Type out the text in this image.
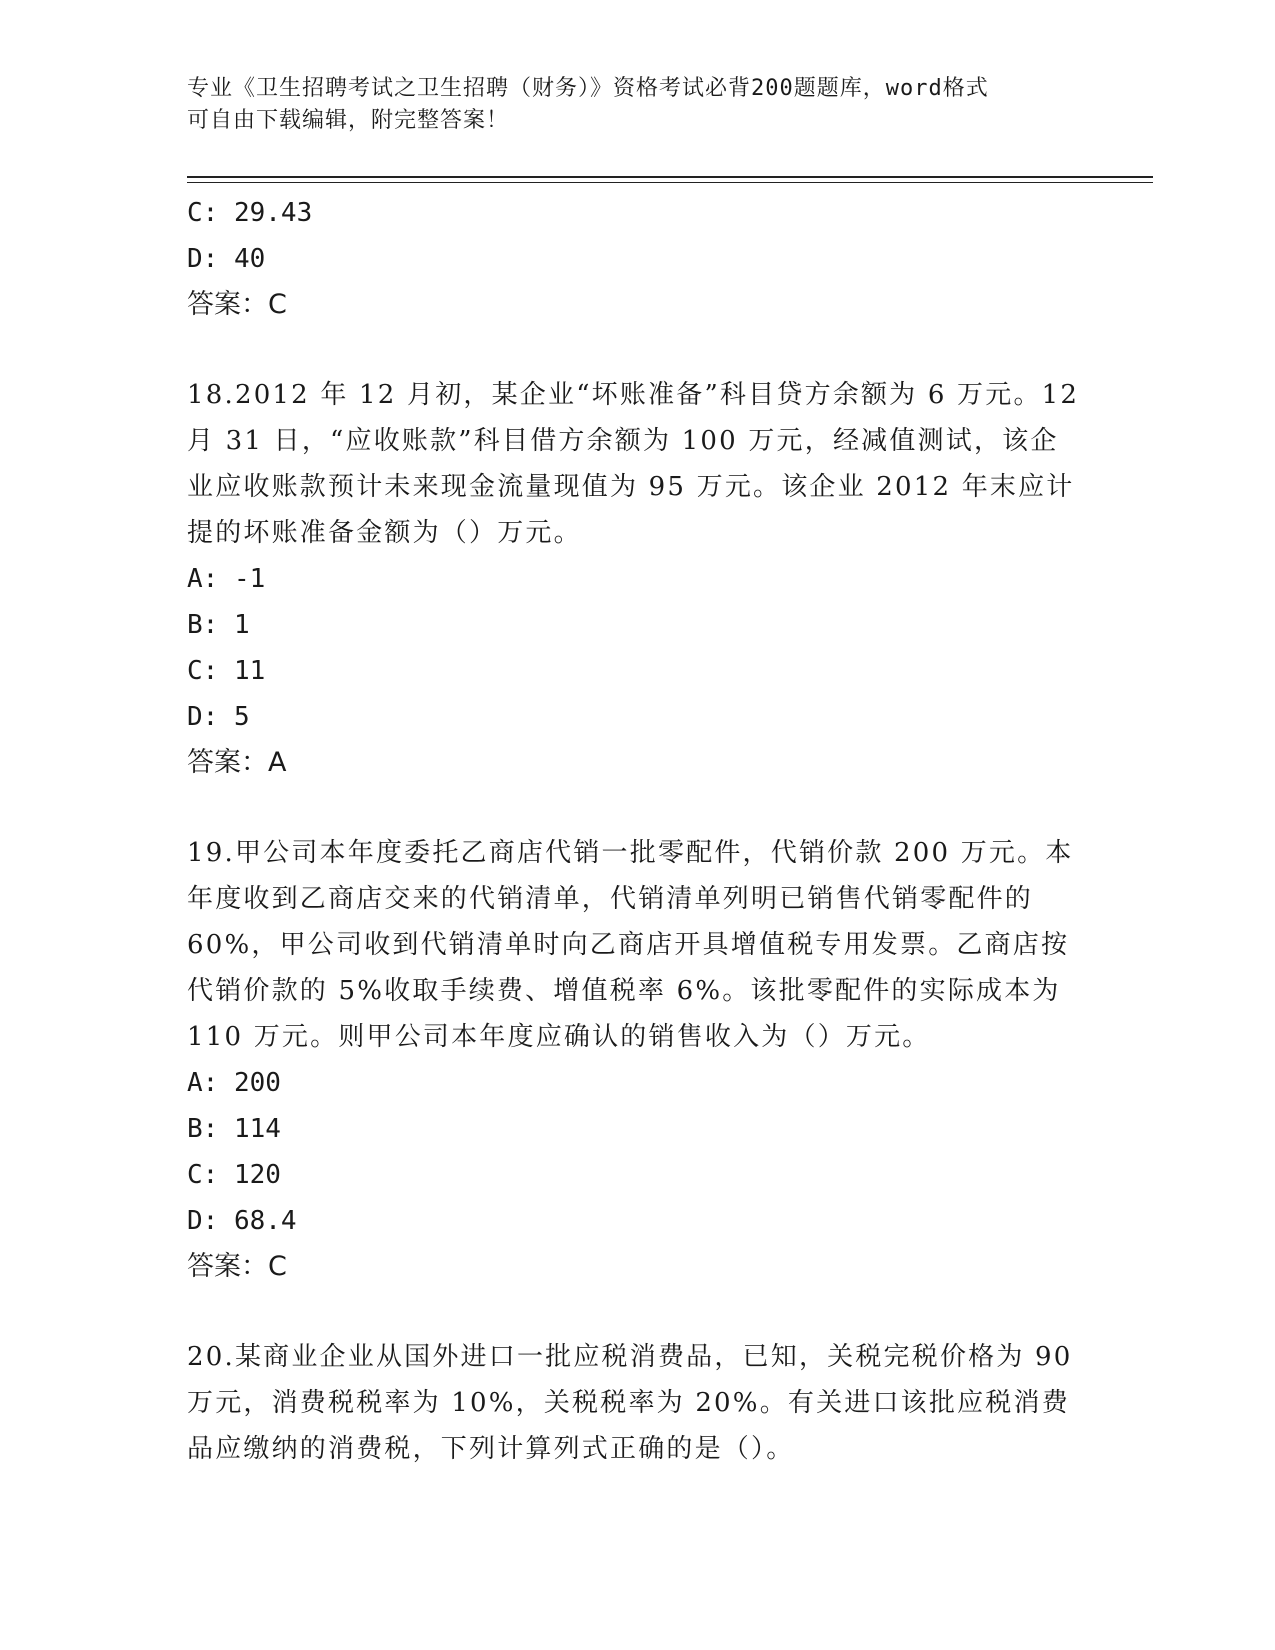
专业《卫生招聘考试之卫生招聘（财务）》资格考试必背200题题库，word格式
可自由下载编辑，附完整答案！
C: 29.43
D: 40
答案：C
18.2012 年 12 月初，某企业“坏账准备”科目贷方余额为 6 万元。12
月 31 日，“应收账款”科目借方余额为 100 万元，经减值测试，该企
业应收账款预计未来现金流量现值为 95 万元。该企业 2012 年末应计
提的坏账准备金额为（）万元。
A: -1
B: 1
C: 11
D: 5
答案：A
19.甲公司本年度委托乙商店代销一批零配件，代销价款 200 万元。本
年度收到乙商店交来的代销清单，代销清单列明已销售代销零配件的
60%，甲公司收到代销清单时向乙商店开具增值税专用发票。乙商店按
代销价款的 5%收取手续费、增值税率 6%。该批零配件的实际成本为
110 万元。则甲公司本年度应确认的销售收入为（）万元。
A: 200
B: 114
C: 120
D: 68.4
答案：C
20.某商业企业从国外进口一批应税消费品，已知，关税完税价格为 90
万元，消费税税率为 10%，关税税率为 20%。有关进口该批应税消费
品应缴纳的消费税，下列计算列式正确的是（）。
